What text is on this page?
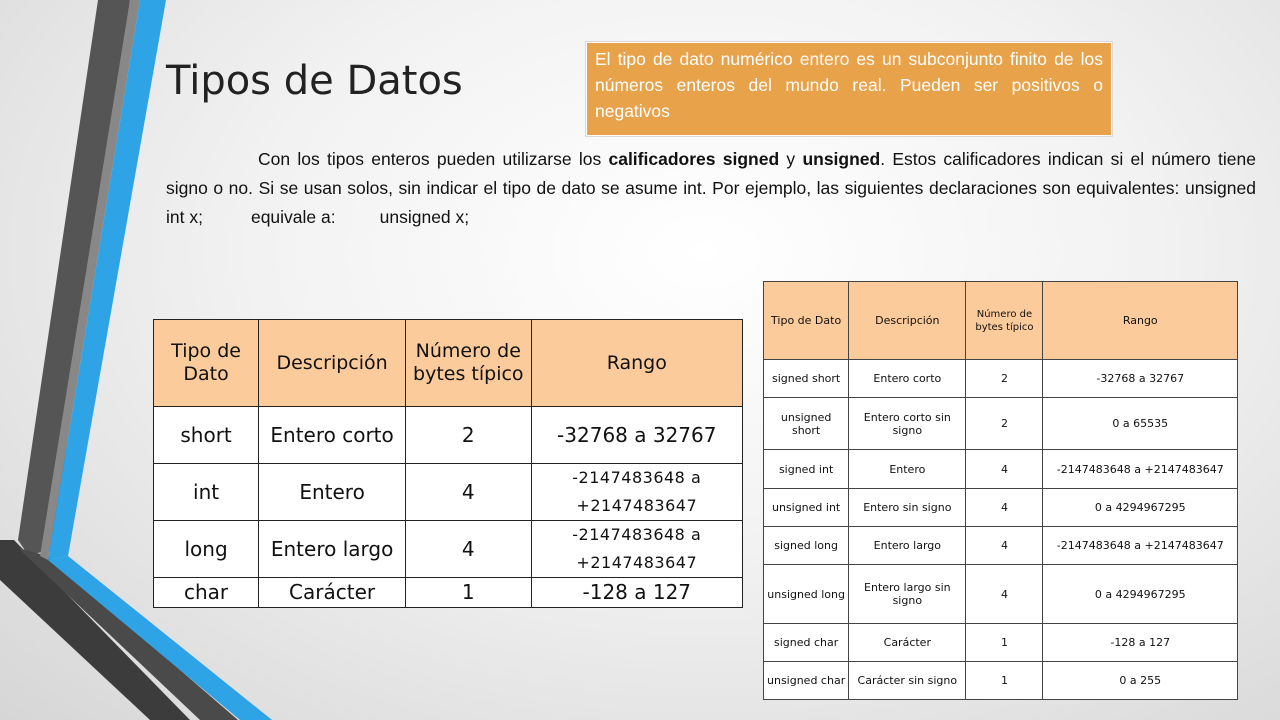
Tipos de Datos	El tipo de dato numérico entero es un subconjunto finito de los números enteros del mundo real. Pueden ser positivos o negativos

Con los tipos enteros pueden utilizarse los calificadores signed y unsigned. Estos calificadores indican si el número tiene signo o no. Si se usan solos, sin indicar el tipo de dato se asume int. Por ejemplo, las siguientes declaraciones son equivalentes: unsigned int x;	equivale a:	unsigned x;

Tipo de Dato	Descripción	Número de bytes típico	Rango
short	Entero corto	2	-32768 a 32767
int	Entero	4	-2147483648 a +2147483647
long	Entero largo	4	-2147483648 a +2147483647
char	Carácter	1	-128 a 127
Tipo de Dato	Descripción	Número de bytes típico	Rango
signed short	Entero corto	2	-32768 a 32767
unsigned short	Entero corto sin signo	2	0 a 65535
signed int	Entero	4	-2147483648 a +2147483647
unsigned int	Entero sin signo	4	0 a 4294967295
signed long	Entero largo	4	-2147483648 a +2147483647
unsigned long	Entero largo sin signo	4	0 a 4294967295
signed char	Carácter	1	-128 a 127
unsigned char	Carácter sin signo	1	0 a 255
